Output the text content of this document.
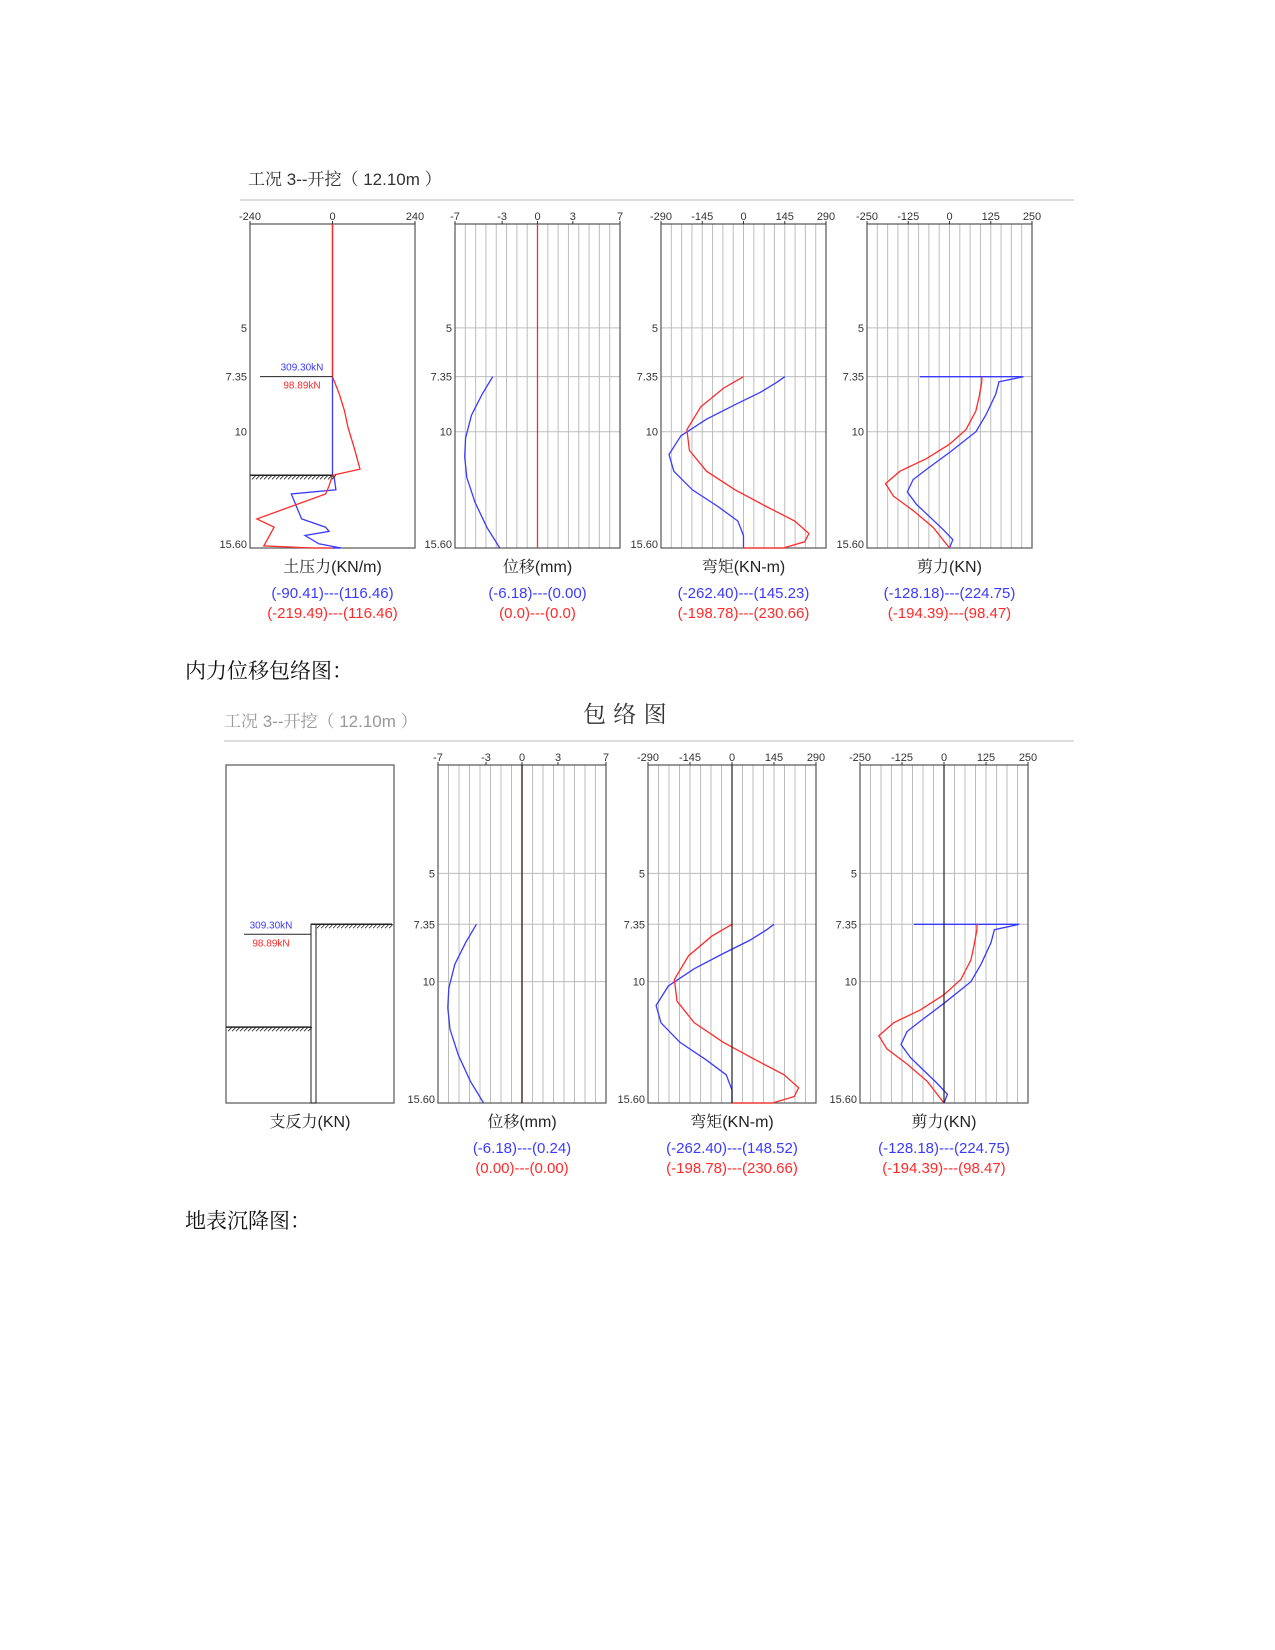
工况 3--开挖（ 12.10m ）
-240	0	240
5
7.35
10
15.60
土压力(KN/m)
(-90.41)---(116.46)
(-219.49)---(116.46)
-7	-3 0	3	7
5
7.35
10
15.60
位移(mm)
(-6.18)---(0.00)
(0.0)---(0.0)
-290 -145 0	145 290
5
7.35
10
15.60
弯矩(KN-m)
(-262.40)---(145.23)
(-198.78)---(230.66)
-250 -125 0	125 250
5
7.35
10
15.60
剪力(KN)
(-128.18)---(224.75)
(-194.39)---(98.47)
309.30kN
98.89kN
工况 3--开挖（ 12.10m ）	包 络 图
309.30kN
98.89kN
支反力(KN)
-7	-3	0	3	7
5
7.35
10
15.60
位移(mm)
(-6.18)---(0.24)
(0.00)---(0.00)
-290 -145	0	145 290
5
7.35
10
15.60
弯矩(KN-m)
(-262.40)---(148.52)
(-198.78)---(230.66)
-250 -125	0	125 250
5
7.35
10
15.60
剪力(KN)
(-128.18)---(224.75)
(-194.39)---(98.47)
内力位移包络图：
地表沉降图：
